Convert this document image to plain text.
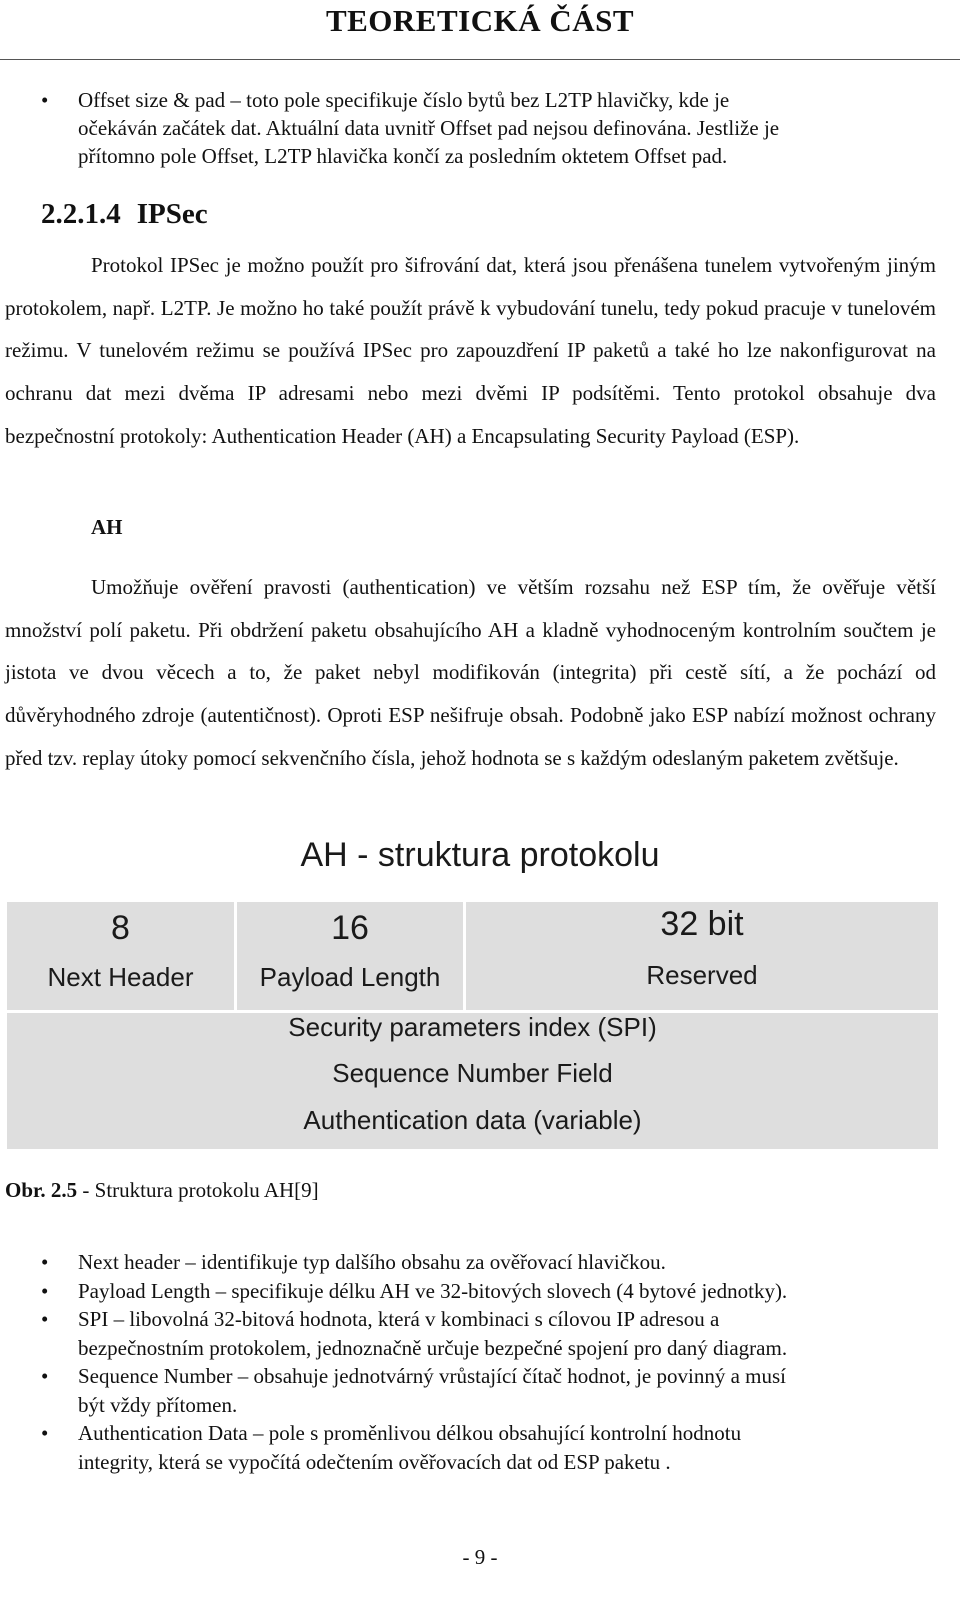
TEORETICKÁ ČÁST
• Offset size & pad – toto pole specifikuje číslo bytů bez L2TP hlavičky, kde je
očekáván začátek dat. Aktuální data uvnitř Offset pad nejsou definována. Jestliže je
přítomno pole Offset, L2TP hlavička končí za posledním oktetem Offset pad.
2.2.1.4 IPSec

Protokol IPSec je možno použít pro šifrování dat, která jsou přenášena tunelem vytvořeným jiným protokolem, např. L2TP. Je možno ho také použít právě k vybudování tunelu, tedy pokud pracuje v tunelovém režimu. V tunelovém režimu se používá IPSec pro zapouzdření IP paketů a také ho lze nakonfigurovat na ochranu dat mezi dvěma IP adresami nebo mezi dvěmi IP podsítěmi. Tento protokol obsahuje dva bezpečnostní protokoly: Authentication Header (AH) a Encapsulating Security Payload (ESP).

AH

Umožňuje ověření pravosti (authentication) ve větším rozsahu než ESP tím, že ověřuje větší množství polí paketu. Při obdržení paketu obsahujícího AH a kladně vyhodnoceným kontrolním součtem je jistota ve dvou věcech a to, že paket nebyl modifikován (integrita) při cestě sítí, a že pochází od důvěryhodného zdroje (autentičnost). Oproti ESP nešifruje obsah. Podobně jako ESP nabízí možnost ochrany před tzv. replay útoky pomocí sekvenčního čísla, jehož hodnota se s každým odeslaným paketem zvětšuje.

AH - struktura protokolu
8	16	32 bit
Next Header	Payload Length	Reserved
Security parameters index (SPI)
Sequence Number Field
Authentication data (variable)
Obr. 2.5 - Struktura protokolu AH[9]
• Next header – identifikuje typ dalšího obsahu za ověřovací hlavičkou.
• Payload Length – specifikuje délku AH ve 32-bitových slovech (4 bytové jednotky).
• SPI – libovolná 32-bitová hodnota, která v kombinaci s cílovou IP adresou a
bezpečnostním protokolem, jednoznačně určuje bezpečné spojení pro daný diagram.
• Sequence Number – obsahuje jednotvárný vrůstající čítač hodnot, je povinný a musí
být vždy přítomen.
• Authentication Data – pole s proměnlivou délkou obsahující kontrolní hodnotu
integrity, která se vypočítá odečtením ověřovacích dat od ESP paketu .
- 9 -
